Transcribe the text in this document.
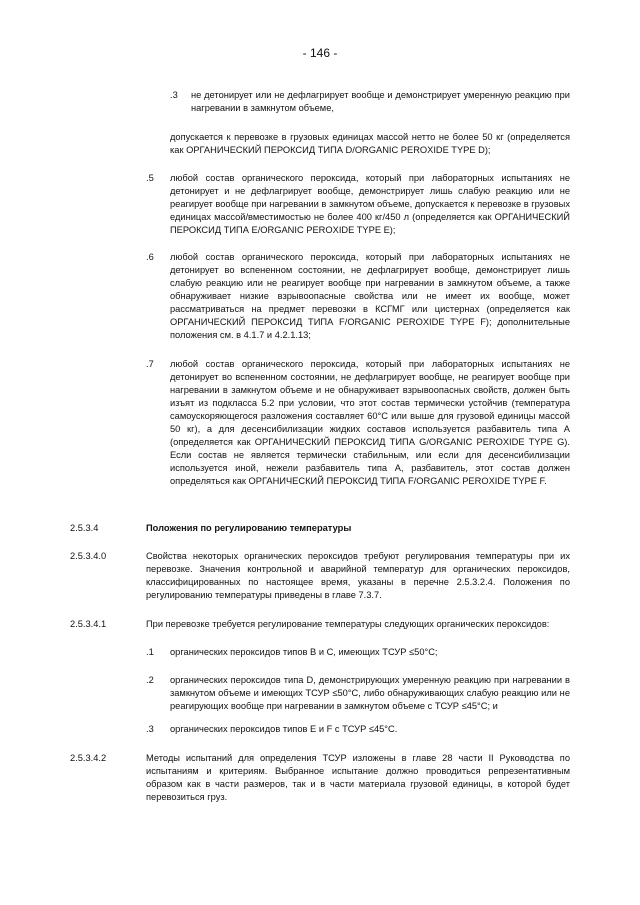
- 146 -
.3 не детонирует или не дефлагрирует вообще и демонстрирует умеренную реакцию при нагревании в замкнутом объеме,
допускается к перевозке в грузовых единицах массой нетто не более 50 кг (определяется как ОРГАНИЧЕСКИЙ ПЕРОКСИД ТИПА D/ORGANIC PEROXIDE TYPE D);
.5 любой состав органического пероксида, который при лабораторных испытаниях не детонирует и не дефлагрирует вообще, демонстрирует лишь слабую реакцию или не реагирует вообще при нагревании в замкнутом объеме, допускается к перевозке в грузовых единицах массой/вместимостью не более 400 кг/450 л (определяется как ОРГАНИЧЕСКИЙ ПЕРОКСИД ТИПА E/ORGANIC PEROXIDE TYPE E);
.6 любой состав органического пероксида, который при лабораторных испытаниях не детонирует во вспененном состоянии, не дефлагрирует вообще, демонстрирует лишь слабую реакцию или не реагирует вообще при нагревании в замкнутом объеме, а также обнаруживает низкие взрывоопасные свойства или не имеет их вообще, может рассматриваться на предмет перевозки в КСГМГ или цистернах (определяется как ОРГАНИЧЕСКИЙ ПЕРОКСИД ТИПА F/ORGANIC PEROXIDE TYPE F); дополнительные положения см. в 4.1.7 и 4.2.1.13;
.7 любой состав органического пероксида, который при лабораторных испытаниях не детонирует во вспененном состоянии, не дефлагрирует вообще, не реагирует вообще при нагревании в замкнутом объеме и не обнаруживает взрывоопасных свойств, должен быть изъят из подкласса 5.2 при условии, что этот состав термически устойчив (температура самоускоряющегося разложения составляет 60°C или выше для грузовой единицы массой 50 кг), а для десенсибилизации жидких составов используется разбавитель типа A (определяется как ОРГАНИЧЕСКИЙ ПЕРОКСИД ТИПА G/ORGANIC PEROXIDE TYPE G). Если состав не является термически стабильным, или если для десенсибилизации используется иной, нежели разбавитель типа A, разбавитель, этот состав должен определяться как ОРГАНИЧЕСКИЙ ПЕРОКСИД ТИПА F/ORGANIC PEROXIDE TYPE F.
2.5.3.4	Положения по регулированию температуры
2.5.3.4.0	Свойства некоторых органических пероксидов требуют регулирования температуры при их перевозке. Значения контрольной и аварийной температур для органических пероксидов, классифицированных по настоящее время, указаны в перечне 2.5.3.2.4. Положения по регулированию температуры приведены в главе 7.3.7.
2.5.3.4.1	При перевозке требуется регулирование температуры следующих органических пероксидов:
.1 органических пероксидов типов B и C, имеющих ТСУР ≤50°C;
.2 органических пероксидов типа D, демонстрирующих умеренную реакцию при нагревании в замкнутом объеме и имеющих ТСУР ≤50°C, либо обнаруживающих слабую реакцию или не реагирующих вообще при нагревании в замкнутом объеме с ТСУР ≤45°C; и
.3 органических пероксидов типов E и F с ТСУР ≤45°C.
2.5.3.4.2	Методы испытаний для определения ТСУР изложены в главе 28 части II Руководства по испытаниям и критериям. Выбранное испытание должно проводиться репрезентативным образом как в части размеров, так и в части материала грузовой единицы, в которой будет перевозиться груз.
